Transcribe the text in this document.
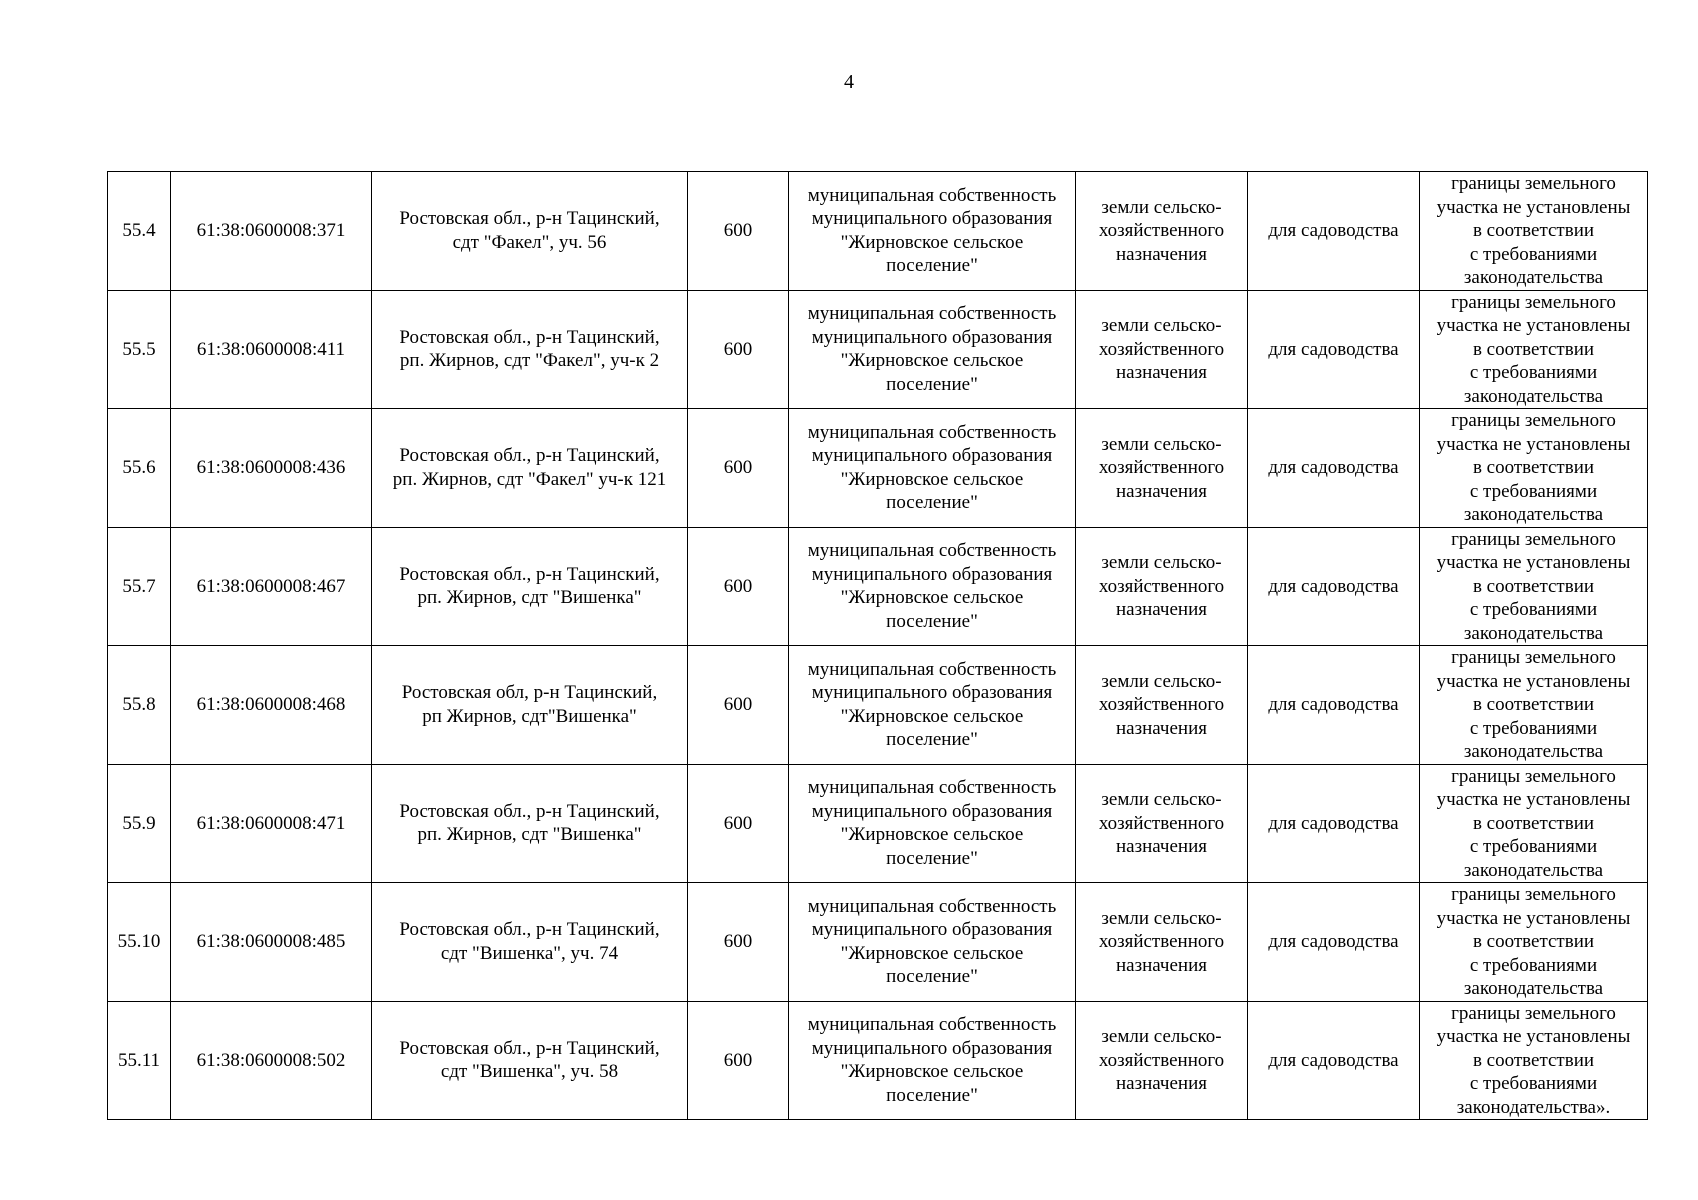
4
55.4	61:38:0600008:371	Ростовская обл., р-н Тацинский,
сдт "Факел", уч. 56	600	муниципальная собственность
муниципального образования
"Жирновское сельское
поселение"	земли сельско-
хозяйственного
назначения	для садоводства	границы земельного
участка не установлены
в соответствии
с требованиями
законодательства
55.5	61:38:0600008:411	Ростовская обл., р-н Тацинский,
рп. Жирнов, сдт "Факел", уч-к 2	600	муниципальная собственность
муниципального образования
"Жирновское сельское
поселение"	земли сельско-
хозяйственного
назначения	для садоводства	границы земельного
участка не установлены
в соответствии
с требованиями
законодательства
55.6	61:38:0600008:436	Ростовская обл., р-н Тацинский,
рп. Жирнов, сдт "Факел" уч-к 121	600	муниципальная собственность
муниципального образования
"Жирновское сельское
поселение"	земли сельско-
хозяйственного
назначения	для садоводства	границы земельного
участка не установлены
в соответствии
с требованиями
законодательства
55.7	61:38:0600008:467	Ростовская обл., р-н Тацинский,
рп. Жирнов, сдт "Вишенка"	600	муниципальная собственность
муниципального образования
"Жирновское сельское
поселение"	земли сельско-
хозяйственного
назначения	для садоводства	границы земельного
участка не установлены
в соответствии
с требованиями
законодательства
55.8	61:38:0600008:468	Ростовская обл, р-н Тацинский,
рп Жирнов, сдт"Вишенка"	600	муниципальная собственность
муниципального образования
"Жирновское сельское
поселение"	земли сельско-
хозяйственного
назначения	для садоводства	границы земельного
участка не установлены
в соответствии
с требованиями
законодательства
55.9	61:38:0600008:471	Ростовская обл., р-н Тацинский,
рп. Жирнов, сдт "Вишенка"	600	муниципальная собственность
муниципального образования
"Жирновское сельское
поселение"	земли сельско-
хозяйственного
назначения	для садоводства	границы земельного
участка не установлены
в соответствии
с требованиями
законодательства
55.10	61:38:0600008:485	Ростовская обл., р-н Тацинский,
сдт "Вишенка", уч. 74	600	муниципальная собственность
муниципального образования
"Жирновское сельское
поселение"	земли сельско-
хозяйственного
назначения	для садоводства	границы земельного
участка не установлены
в соответствии
с требованиями
законодательства
55.11	61:38:0600008:502	Ростовская обл., р-н Тацинский,
сдт "Вишенка", уч. 58	600	муниципальная собственность
муниципального образования
"Жирновское сельское
поселение"	земли сельско-
хозяйственного
назначения	для садоводства	границы земельного
участка не установлены
в соответствии
с требованиями
законодательства».
